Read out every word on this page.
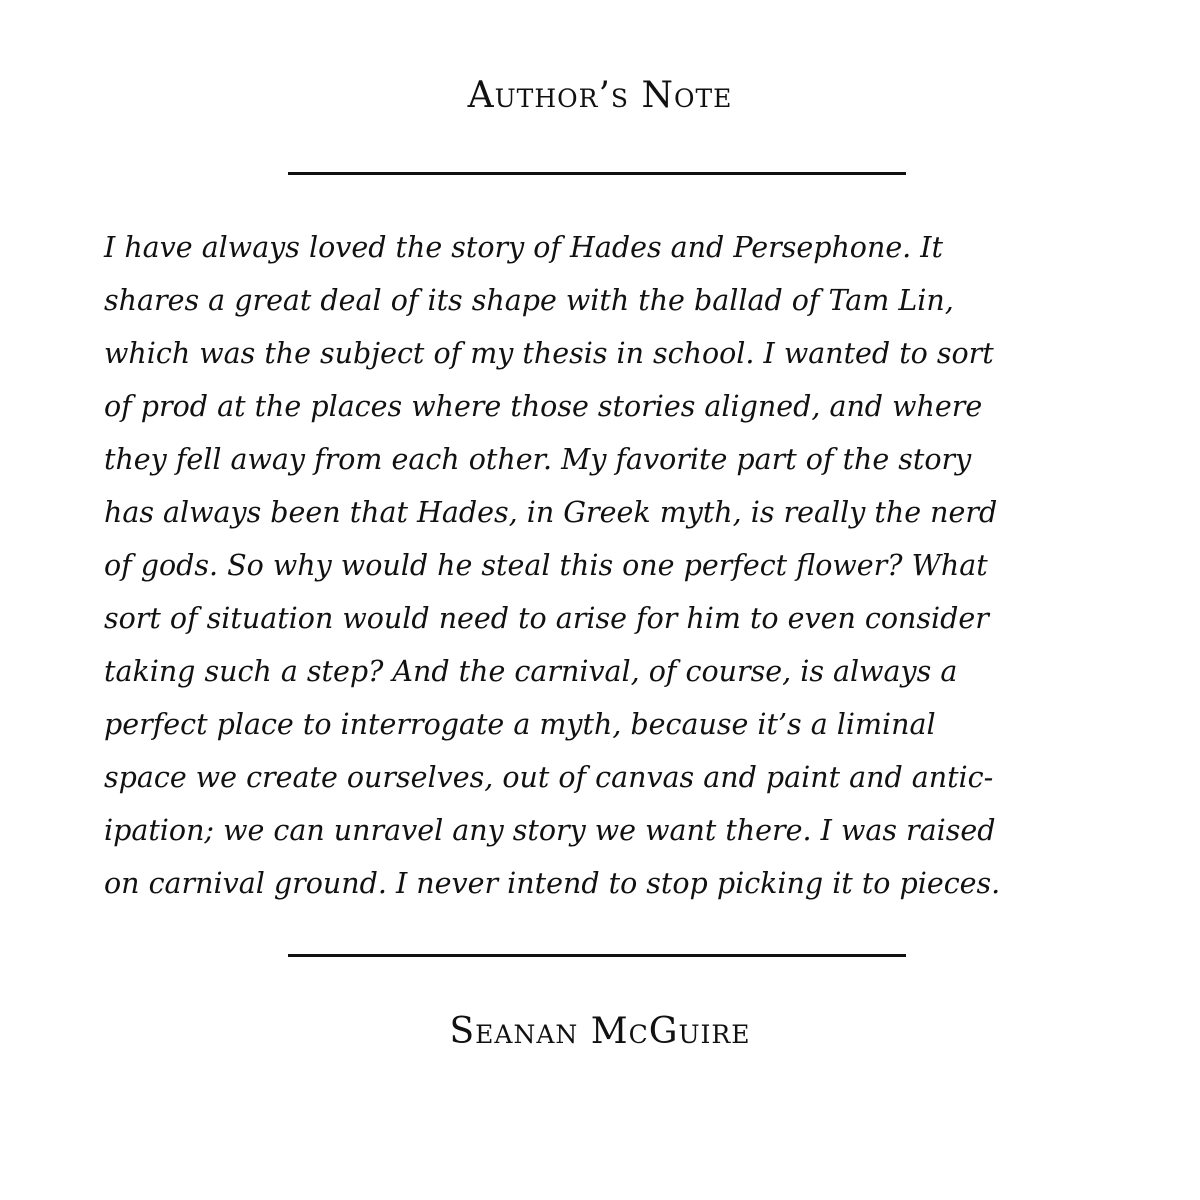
Author’s Note
I have always loved the story of Hades and Persephone. It
shares a great deal of its shape with the ballad of Tam Lin,
which was the subject of my thesis in school. I wanted to sort
of prod at the places where those stories aligned, and where
they fell away from each other. My favorite part of the story
has always been that Hades, in Greek myth, is really the nerd
of gods. So why would he steal this one perfect flower? What
sort of situation would need to arise for him to even consider
taking such a step? And the carnival, of course, is always a
perfect place to interrogate a myth, because it’s a liminal
space we create ourselves, out of canvas and paint and antic-
ipation; we can unravel any story we want there. I was raised
on carnival ground. I never intend to stop picking it to pieces.
Seanan McGuire
